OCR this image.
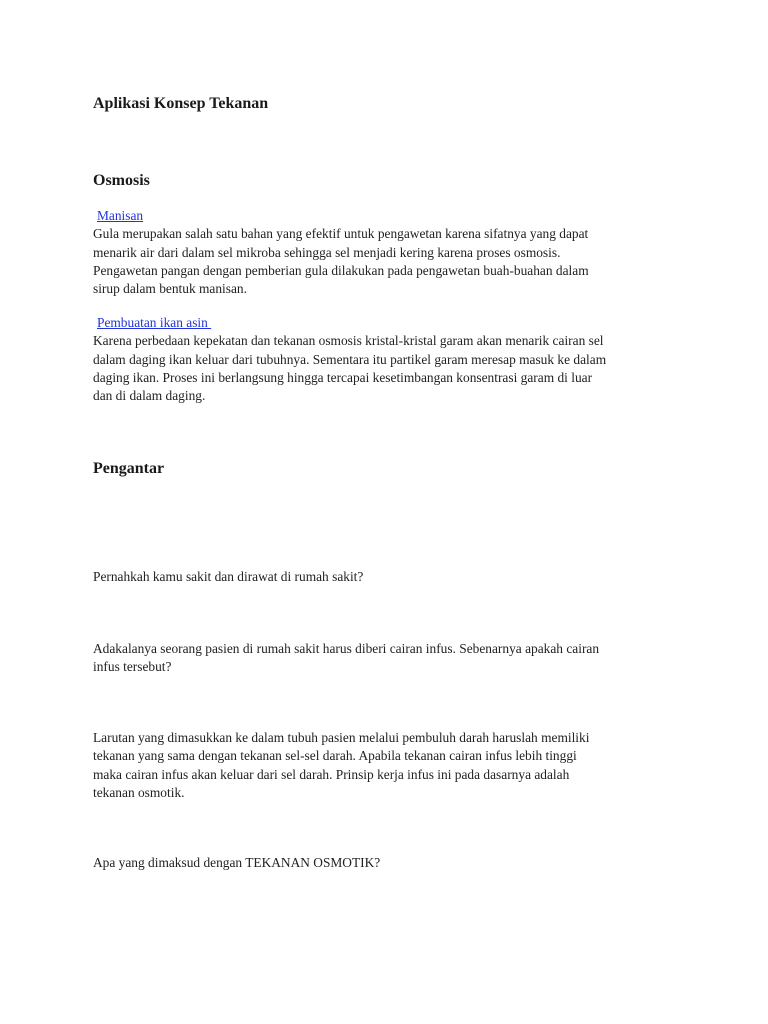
Aplikasi Konsep Tekanan
Osmosis
Manisan
Gula merupakan salah satu bahan yang efektif untuk pengawetan karena sifatnya yang dapat
menarik air dari dalam sel mikroba sehingga sel menjadi kering karena proses osmosis.
Pengawetan pangan dengan pemberian gula dilakukan pada pengawetan buah-buahan dalam
sirup dalam bentuk manisan.
Pembuatan ikan asin
Karena perbedaan kepekatan dan tekanan osmosis kristal-kristal garam akan menarik cairan sel
dalam daging ikan keluar dari tubuhnya. Sementara itu partikel garam meresap masuk ke dalam
daging ikan. Proses ini berlangsung hingga tercapai kesetimbangan konsentrasi garam di luar
dan di dalam daging.
Pengantar
Pernahkah kamu sakit dan dirawat di rumah sakit?
Adakalanya seorang pasien di rumah sakit harus diberi cairan infus. Sebenarnya apakah cairan
infus tersebut?
Larutan yang dimasukkan ke dalam tubuh pasien melalui pembuluh darah haruslah memiliki
tekanan yang sama dengan tekanan sel-sel darah. Apabila tekanan cairan infus lebih tinggi
maka cairan infus akan keluar dari sel darah. Prinsip kerja infus ini pada dasarnya adalah
tekanan osmotik.
Apa yang dimaksud dengan TEKANAN OSMOTIK?
